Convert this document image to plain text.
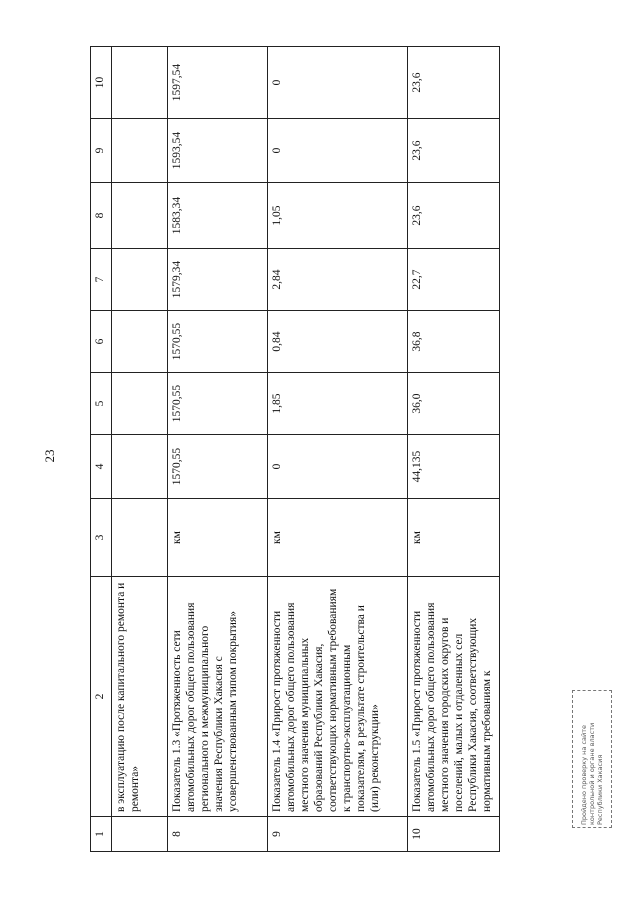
23
1	2	3	4	5	6	7	8	9	10
	в эксплуатацию после капитального ремонта и ремонта»								
8	Показатель 1.3 «Протяженность сети автомобильных дорог общего пользования регионального и межмуниципального значения Республики Хакасия с усовершенствованным типом покрытия»	км	1570,55	1570,55	1570,55	1579,34	1583,34	1593,54	1597,54
9	Показатель 1.4 «Прирост протяженности автомобильных дорог общего пользования местного значения муниципальных образований Республики Хакасия, соответствующих нормативным требованиям к транспортно-эксплуатационным показателям, в результате строительства и (или) реконструкции»	км	0	1,85	0,84	2,84	1,05	0	0
10	Показатель 1.5 «Прирост протяженности автомобильных дорог общего пользования местного значения городских округов и поселений, малых и отдаленных сел Республики Хакасия, соответствующих нормативным требованиям к	км	44,135	36,0	36,8	22,7	23,6	23,6	23,6
Пройдено проверку на сайте контрольной и органе власти Республики Хакасия
